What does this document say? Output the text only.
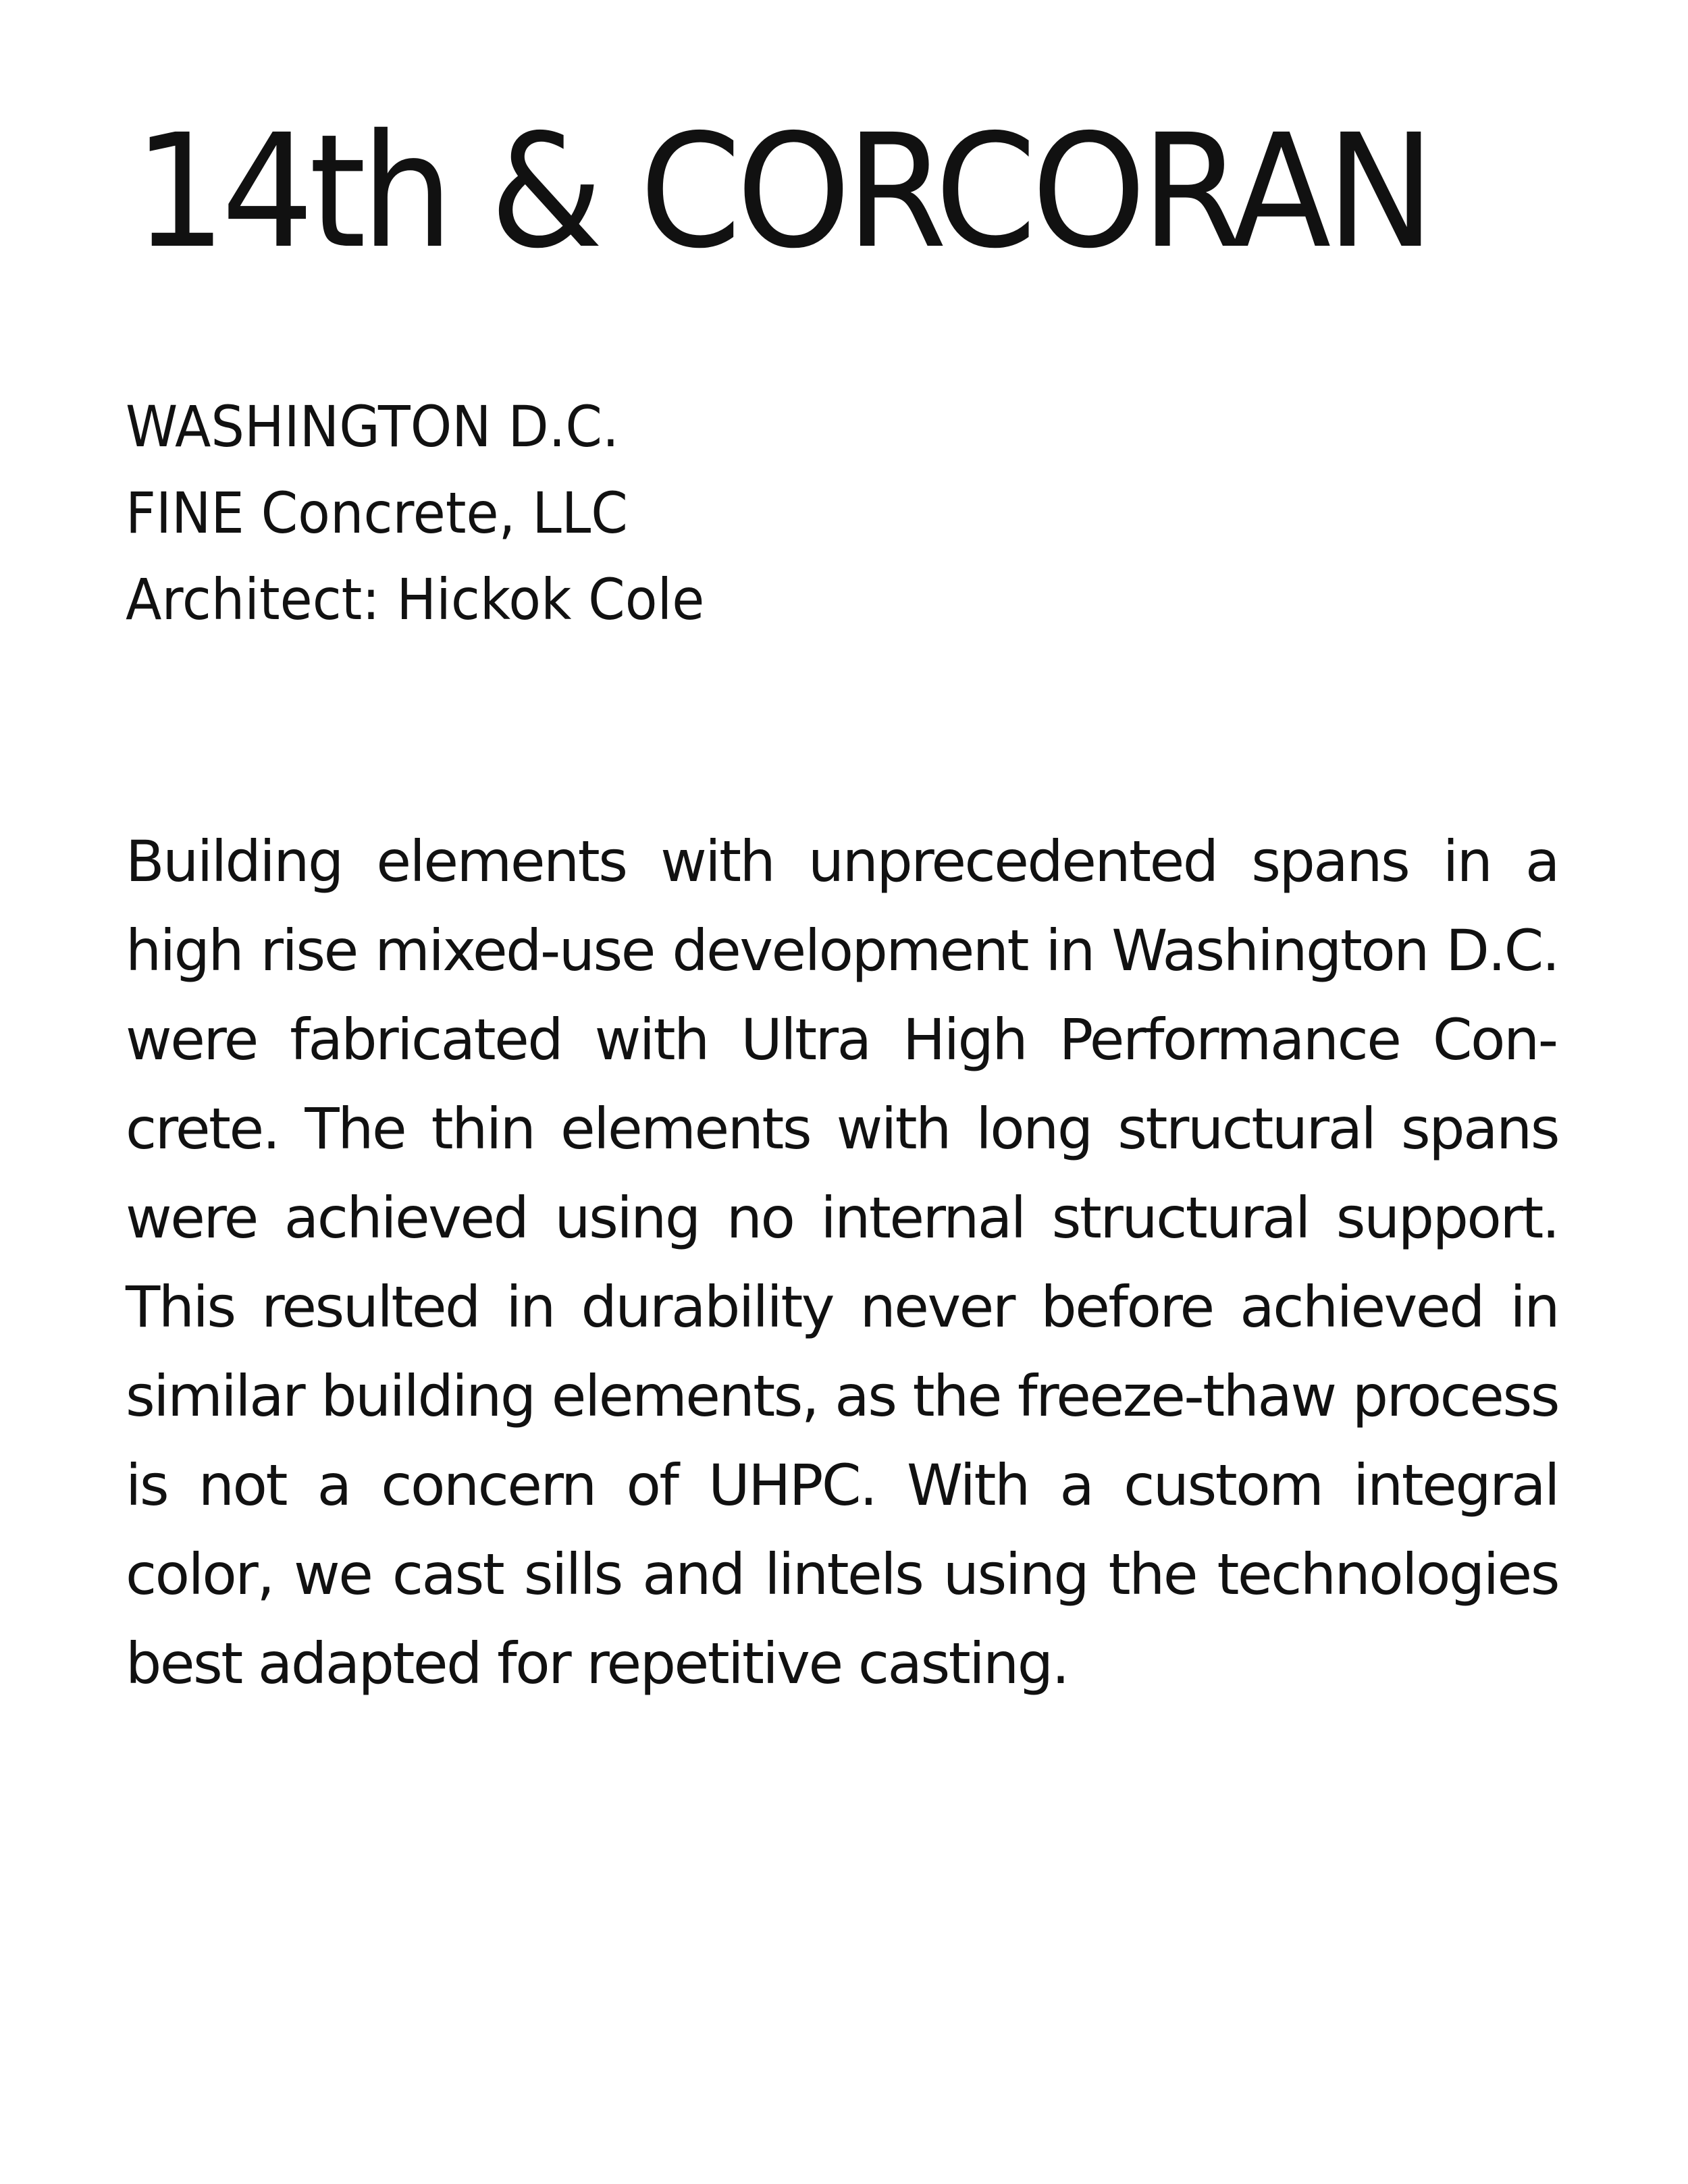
14th & CORCORAN
WASHINGTON D.C.
FINE Concrete, LLC
Architect: Hickok Cole

Building elements with unprecedented spans in a high rise mixed-use development in Washington D.C. were fabricated with Ultra High Performance Concrete. The thin elements with long structural spans were achieved using no internal structural support. This resulted in durability never before achieved in similar building elements, as the freeze-thaw process is not a concern of UHPC. With a custom integral color, we cast sills and lintels using the technologies best adapted for repetitive casting.
